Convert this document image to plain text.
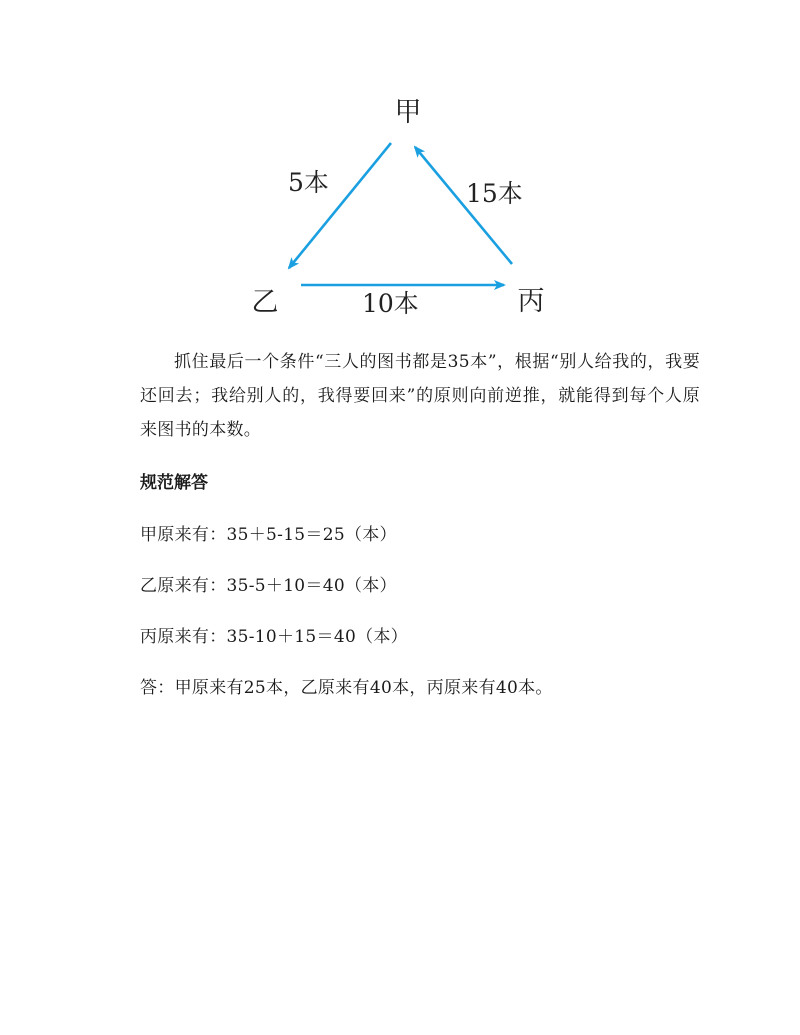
甲
乙	丙
5本	15本
10本

抓住最后一个条件“三人的图书都是35本”，根据“别人给我的，我要还回去；我给别人的，我得要回来”的原则向前逆推，就能得到每个人原来图书的本数。

规范解答

甲原来有：35＋5-15＝25（本）

乙原来有：35-5＋10＝40（本）

丙原来有：35-10＋15＝40（本）

答：甲原来有25本，乙原来有40本，丙原来有40本。
